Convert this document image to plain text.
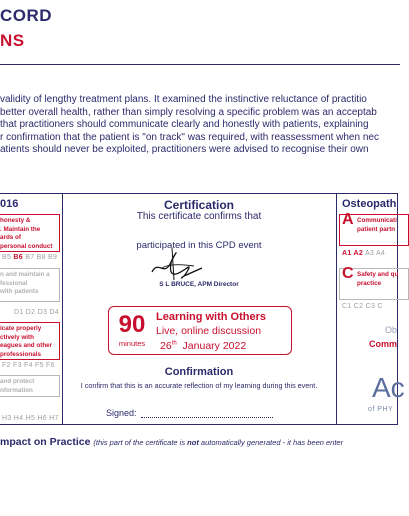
CORD
NS
validity of lengthy treatment plans. It examined the instinctive reluctance of practitio
better overall health, rather than simply resolving a specific problem was an acceptab
that practitioners should communicate clearly and honestly with patients, explaining
r confirmation that the patient is "on track" was required, with reassessment when nec
atients should never be exploited, practitioners were advised to recognise their own
016
honesty &
. Maintain the
ards of
personal conduct
B5 B6 B7 B8 B9
n and maintain a
fessional
with patients
D1 D2 D3 D4
icate properly
ctively with
eagues and other
professionals
F2 F3 F4 F5 F6
and protect
nformation
H3 H4 H5 H6 H7
Certification
This certificate confirms that
participated in this CPD event
S L BRUCE, APM Director
90
minutes
Learning with Others
Live, online discussion
26th January 2022
Confirmation
I confirm that this is an accurate reflection of my learning during this event.
Signed:
Osteopath
A Communicati
patient partn
A1 A2 A3 A4
C Safety and qu
practice
C1 C2 C3 C
Ob
Comm
Ac
of PHY
mpact on Practice (this part of the certificate is not automatically generated - it has been enter
